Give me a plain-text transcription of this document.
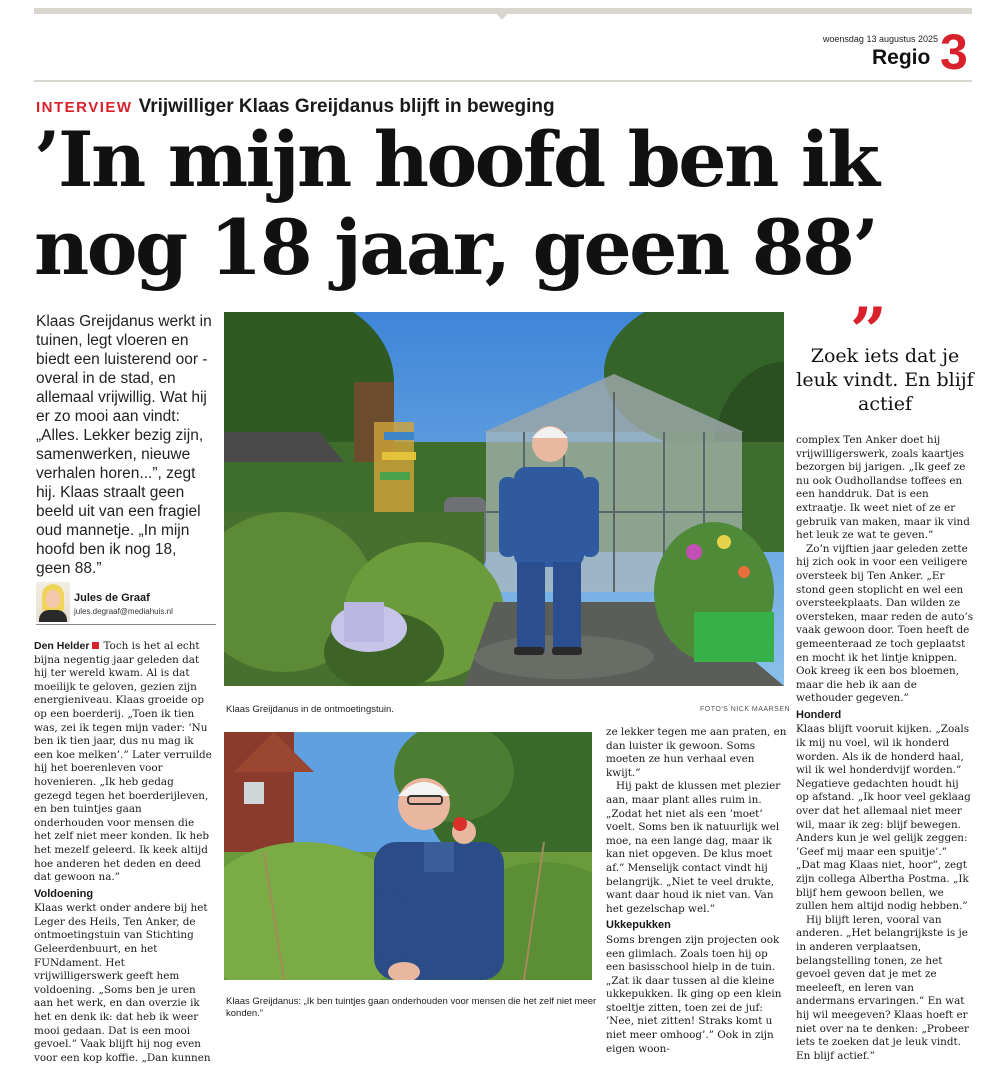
woensdag 13 augustus 2025
Regio 3
INTERVIEW Vrijwilliger Klaas Greijdanus blijft in beweging
’In mijn hoofd ben ik
nog 18 jaar, geen 88’
Klaas Greijdanus werkt in tuinen, legt vloeren en biedt een luisterend oor - overal in de stad, en allemaal vrijwillig. Wat hij er zo mooi aan vindt: „Alles. Lekker bezig zijn, samenwerken, nieuwe verhalen horen...”, zegt hij. Klaas straalt geen beeld uit van een fragiel oud mannetje. „In mijn hoofd ben ik nog 18, geen 88.”
Jules de Graaf
jules.degraaf@mediahuis.nl

Den Helder Toch is het al echt bijna negentig jaar geleden dat hij ter wereld kwam. Al is dat moeilijk te geloven, gezien zijn energieniveau. Klaas groeide op op een boerderij. „Toen ik tien was, zei ik tegen mijn vader: ’Nu ben ik tien jaar, dus nu mag ik een koe melken’.” Later verruilde hij het boerenleven voor hovenieren. „Ik heb gedag gezegd tegen het boerderijleven, en ben tuintjes gaan onderhouden voor mensen die het zelf niet meer konden. Ik heb het mezelf geleerd. Ik keek altijd hoe anderen het deden en deed dat gewoon na.”

Voldoening

Klaas werkt onder andere bij het Leger des Heils, Ten Anker, de ontmoetingstuin van Stichting Geleerdenbuurt, en het FUNdament. Het vrijwilligerswerk geeft hem voldoening. „Soms ben je uren aan het werk, en dan overzie ik het en denk ik: dat heb ik weer mooi gedaan. Dat is een mooi gevoel.” Vaak blijft hij nog even voor een kop koffie. „Dan kunnen

Klaas Greijdanus in de ontmoetingstuin.	FOTO'S NICK MAARSEN
Klaas Greijdanus: „Ik ben tuintjes gaan onderhouden voor mensen die het zelf niet meer konden.”

ze lekker tegen me aan praten, en dan luister ik gewoon. Soms moeten ze hun verhaal even kwijt.”

Hij pakt de klussen met plezier aan, maar plant alles ruim in. „Zodat het niet als een ’moet’ voelt. Soms ben ik natuurlijk wel moe, na een lange dag, maar ik kan niet opgeven. De klus moet af.” Menselijk contact vindt hij belangrijk. „Niet te veel drukte, want daar houd ik niet van. Van het gezelschap wel.”

Ukkepukken

Soms brengen zijn projecten ook een glimlach. Zoals toen hij op een basisschool hielp in de tuin. „Zat ik daar tussen al die kleine ukkepukken. Ik ging op een klein stoeltje zitten, toen zei de juf: ’Nee, niet zitten! Straks komt u niet meer omhoog’.” Ook in zijn eigen woon-

”
Zoek iets dat je leuk vindt. En blijf actief

complex Ten Anker doet hij vrijwilligerswerk, zoals kaartjes bezorgen bij jarigen. „Ik geef ze nu ook Oudhollandse toffees en een handdruk. Dat is een extraatje. Ik weet niet of ze er gebruik van maken, maar ik vind het leuk ze wat te geven.”

Zo’n vijftien jaar geleden zette hij zich ook in voor een veiligere oversteek bij Ten Anker. „Er stond geen stoplicht en wel een oversteekplaats. Dan wilden ze oversteken, maar reden de auto’s vaak gewoon door. Toen heeft de gemeenteraad ze toch geplaatst en mocht ik het lintje knippen. Ook kreeg ik een bos bloemen, maar die heb ik aan de wethouder gegeven.”

Honderd

Klaas blijft vooruit kijken. „Zoals ik mij nu voel, wil ik honderd worden. Als ik de honderd haal, wil ik wel honderdvijf worden.” Negatieve gedachten houdt hij op afstand. „Ik hoor veel geklaag over dat het allemaal niet meer wil, maar ik zeg: blijf bewegen. Anders kun je wel gelijk zeggen: ’Geef mij maar een spuitje’.” „Dat mag Klaas niet, hoor”, zegt zijn collega Albertha Postma. „Ik blijf hem gewoon bellen, we zullen hem altijd nodig hebben.”

Hij blijft leren, vooral van anderen. „Het belangrijkste is je in anderen verplaatsen, belangstelling tonen, ze het gevoel geven dat je met ze meeleeft, en leren van andermans ervaringen.” En wat hij wil meegeven? Klaas hoeft er niet over na te denken: „Probeer iets te zoeken dat je leuk vindt. En blijf actief.”
